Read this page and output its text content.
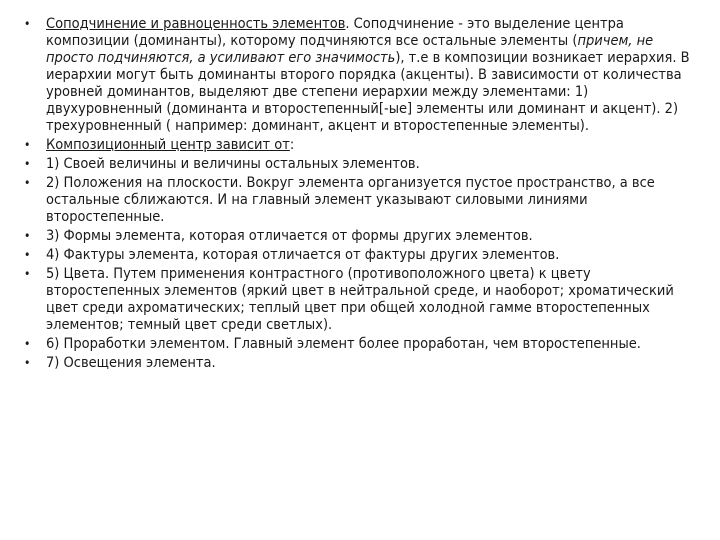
• Соподчинение и равноценность элементов. Соподчинение - это выделение центра композиции (доминанты), которому подчиняются все остальные элементы (причем, не просто подчиняются, а усиливают его значимость), т.е в композиции возникает иерархия. В иерархии могут быть доминанты второго порядка (акценты). В зависимости от количества уровней доминантов, выделяют две степени иерархии между элементами: 1) двухуровненный (доминанта и второстепенный[-ые] элементы или доминант и акцент). 2) трехуровненный ( например: доминант, акцент и второстепенные элементы).
• Композиционный центр зависит от:
• 1) Своей величины и величины остальных элементов.
• 2) Положения на плоскости. Вокруг элемента организуется пустое пространство, а все остальные сближаются. И на главный элемент указывают силовыми линиями второстепенные.
• 3) Формы элемента, которая отличается от формы других элементов.
• 4) Фактуры элемента, которая отличается от фактуры других элементов.
• 5) Цвета. Путем применения контрастного (противоположного цвета) к цвету второстепенных элементов (яркий цвет в нейтральной среде, и наоборот; хроматический цвет среди ахроматических; теплый цвет при общей холодной гамме второстепенных элементов; темный цвет среди светлых).
• 6) Проработки элементом. Главный элемент более проработан, чем второстепенные.
• 7) Освещения элемента.
